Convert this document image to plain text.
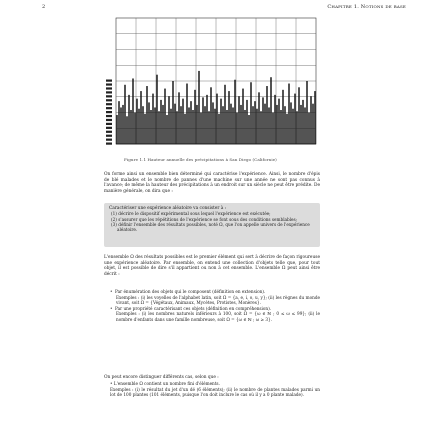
2	Chapitre 1. Notions de base
Figure 1.1 Hauteur annuelle des précipitations à San Diego (Californie)

On forme ainsi un ensemble bien déterminé qui caractérise l'expérience. Ainsi, le nombre d'épis de blé malades et le nombre de pannes d'une machine sur une année ne sont pas connus à l'avance; de même la hauteur des précipitations à un endroit sur un siècle ne peut être prédite. De manière générale, on dira que :

Caractériser une expérience aléatoire va consister à :

(1) décrire le dispositif expérimental sous lequel l'expérience est exécutée;
(2) s'assurer que les répétitions de l'expérience se font sous des conditions semblables;
(3) définir l'ensemble des résultats possibles, noté Ω, que l'on appelle univers de l'expérience aléatoire.

L'ensemble Ω des résultats possibles est le premier élément qui sert à décrire de façon rigoureuse une expérience aléatoire. Par ensemble, on entend une collection d'objets telle que, pour tout objet, il est possible de dire s'il appartient ou non à cet ensemble. L'ensemble Ω peut ainsi être décrit :

• Par énumération des objets qui le composent (définition en extension).

Exemples : (i) les voyelles de l'alphabet latin, soit Ω = {a, e, i, o, u, y}; (ii) les règnes du monde vivant, soit Ω = {Végétaux, Animaux, Mycètes, Protistes, Monères}.

• Par une propriété caractérisant ces objets (définition en compréhension).

Exemples : (i) les nombres naturels inférieurs à 100, soit Ω = {ω ∈ ℕ ; 0 ≤ ω ≤ 99}; (ii) le nombre d'enfants dans une famille nombreuse, soit Ω = {ω ∈ ℕ ; ω ≥ 3}.

On peut encore distinguer différents cas, selon que :

• L'ensemble Ω contient un nombre fini d'éléments.

Exemples : (i) le résultat du jet d'un dé (6 éléments); (ii) le nombre de plantes malades parmi un lot de 100 plantes (101 éléments, puisque l'on doit inclure le cas où il y a 0 plante malade).
